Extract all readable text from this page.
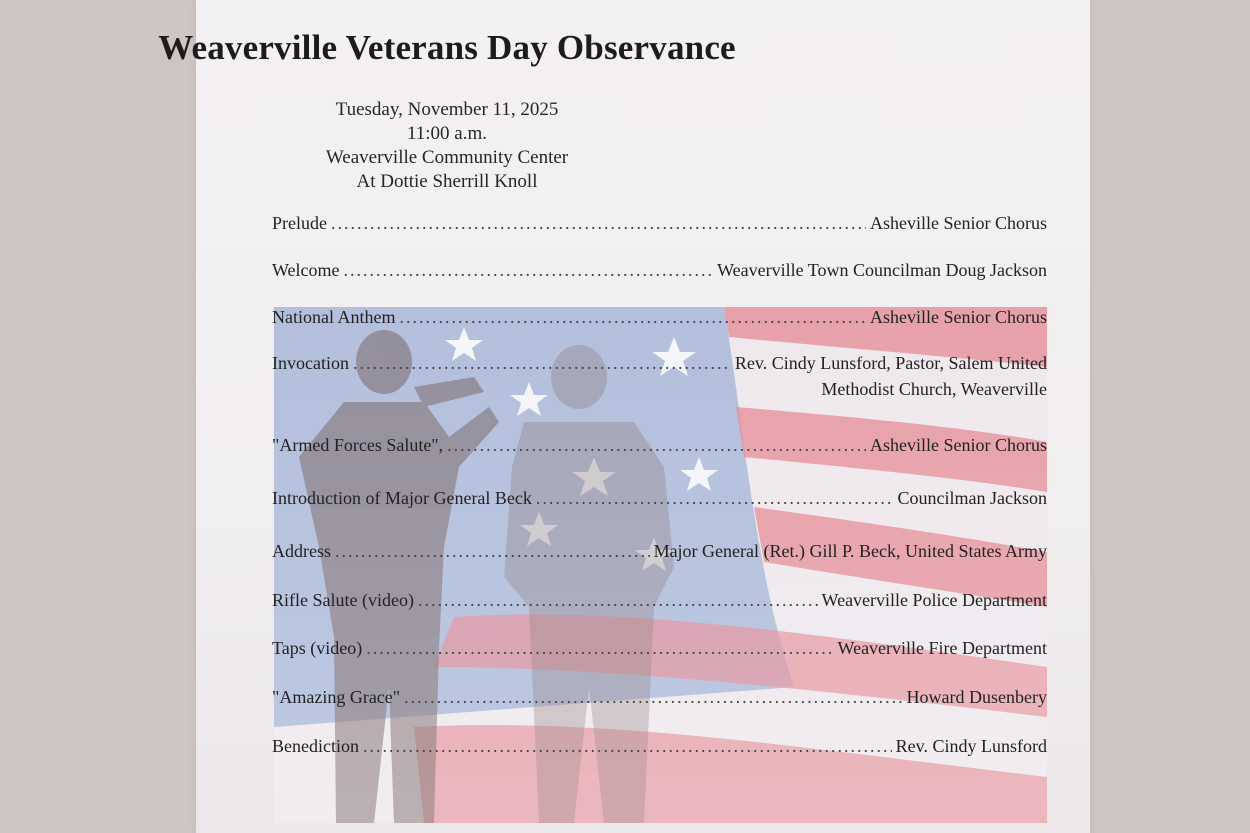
Weaverville Veterans Day Observance
Tuesday, November 11, 2025
11:00 a.m.
Weaverville Community Center
At Dottie Sherrill Knoll
Prelude .....	Asheville Senior Chorus
Welcome .....	Weaverville Town Councilman Doug Jackson
National Anthem .....	Asheville Senior Chorus
Invocation .....	Rev. Cindy Lunsford, Pastor, Salem United
Methodist Church, Weaverville
"Armed Forces Salute", .....	Asheville Senior Chorus
Introduction of Major General Beck .....	Councilman Jackson
Address .....	Major General (Ret.) Gill P. Beck, United States Army
Rifle Salute (video) .....	Weaverville Police Department
Taps (video) .....	Weaverville Fire Department
"Amazing Grace" .....	Howard Dusenbery
Benediction .....	Rev. Cindy Lunsford
